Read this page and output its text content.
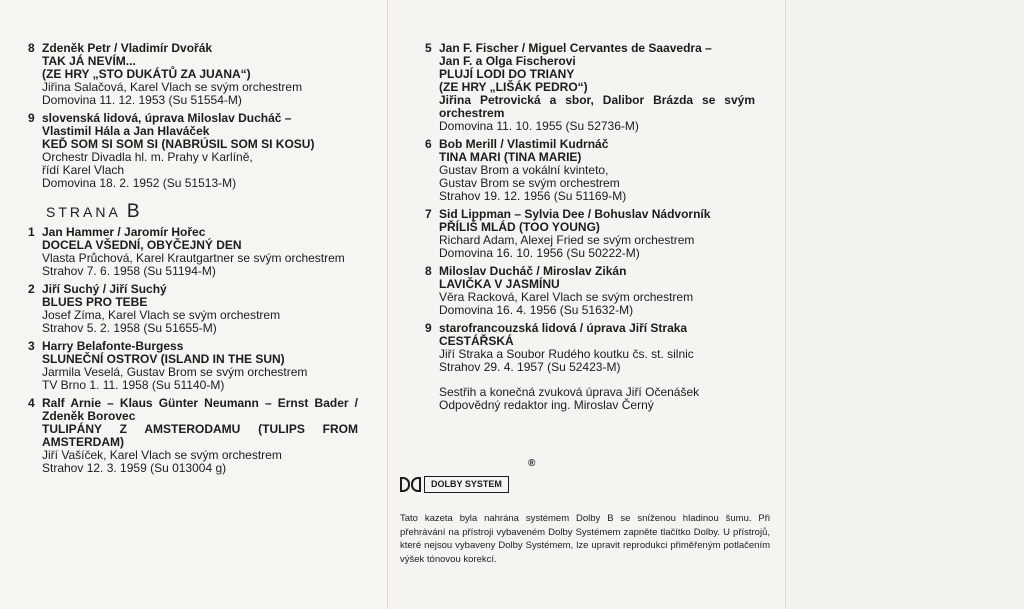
8 Zdeněk Petr / Vladimír Dvořák
TAK JÁ NEVÍM...
(ZE HRY „STO DUKÁTŮ ZA JUANA“)
Jiřina Salačová, Karel Vlach se svým orchestrem
Domovina 11. 12. 1953 (Su 51554-M)
9 slovenská lidová, úprava Miloslav Ducháč –
Vlastimil Hála a Jan Hlaváček
KEĎ SOM SI SOM SI (NABRÚSIL SOM SI KOSU)
Orchestr Divadla hl. m. Prahy v Karlíně,
řídí Karel Vlach
Domovina 18. 2. 1952 (Su 51513-M)
STRANA B
1 Jan Hammer / Jaromír Hořec
DOCELA VŠEDNÍ, OBYČEJNÝ DEN
Vlasta Průchová, Karel Krautgartner se svým orchestrem
Strahov 7. 6. 1958 (Su 51194-M)
2 Jiří Suchý / Jiří Suchý
BLUES PRO TEBE
Josef Zíma, Karel Vlach se svým orchestrem
Strahov 5. 2. 1958 (Su 51655-M)
3 Harry Belafonte-Burgess
SLUNEČNÍ OSTROV (ISLAND IN THE SUN)
Jarmila Veselá, Gustav Brom se svým orchestrem
TV Brno 1. 11. 1958 (Su 51140-M)
4 Ralf Arnie – Klaus Günter Neumann – Ernst Bader / Zdeněk Borovec
TULIPÁNY Z AMSTERODAMU (TULIPS FROM AMSTERDAM)
Jiří Vašíček, Karel Vlach se svým orchestrem
Strahov 12. 3. 1959 (Su 013004 g)
5 Jan F. Fischer / Miguel Cervantes de Saavedra –
Jan F. a Olga Fischerovi
PLUJÍ LODI DO TRIANY
(ZE HRY „LIŠÁK PEDRO“)
Jiřina Petrovická a sbor, Dalibor Brázda se svým orchestrem
Domovina 11. 10. 1955 (Su 52736-M)
6 Bob Merill / Vlastimil Kudrnáč
TINA MARI (TINA MARIE)
Gustav Brom a vokální kvinteto,
Gustav Brom se svým orchestrem
Strahov 19. 12. 1956 (Su 51169-M)
7 Sid Lippman – Sylvia Dee / Bohuslav Nádvorník
PŘÍLIŠ MLÁD (TOO YOUNG)
Richard Adam, Alexej Fried se svým orchestrem
Domovina 16. 10. 1956 (Su 50222-M)
8 Miloslav Ducháč / Miroslav Zikán
LAVIČKA V JASMÍNU
Věra Racková, Karel Vlach se svým orchestrem
Domovina 16. 4. 1956 (Su 51632-M)
9 starofrancouzská lidová / úprava Jiří Straka
CESTÁŘSKÁ
Jiří Straka a Soubor Rudého koutku čs. st. silnic
Strahov 29. 4. 1957 (Su 52423-M)
Sestřih a konečná zvuková úprava Jiří Očenášek
Odpovědný redaktor ing. Miroslav Černý
®
DOLBY SYSTEM
Tato kazeta byla nahrána systémem Dolby B se sníženou hladinou šumu. Při přehrávání na přístroji vybaveném Dolby Systémem zapněte tlačítko Dolby. U přístrojů, které nejsou vybaveny Dolby Systémem, lze upravit reprodukci přiměřeným potlačením výšek tónovou korekcí.
